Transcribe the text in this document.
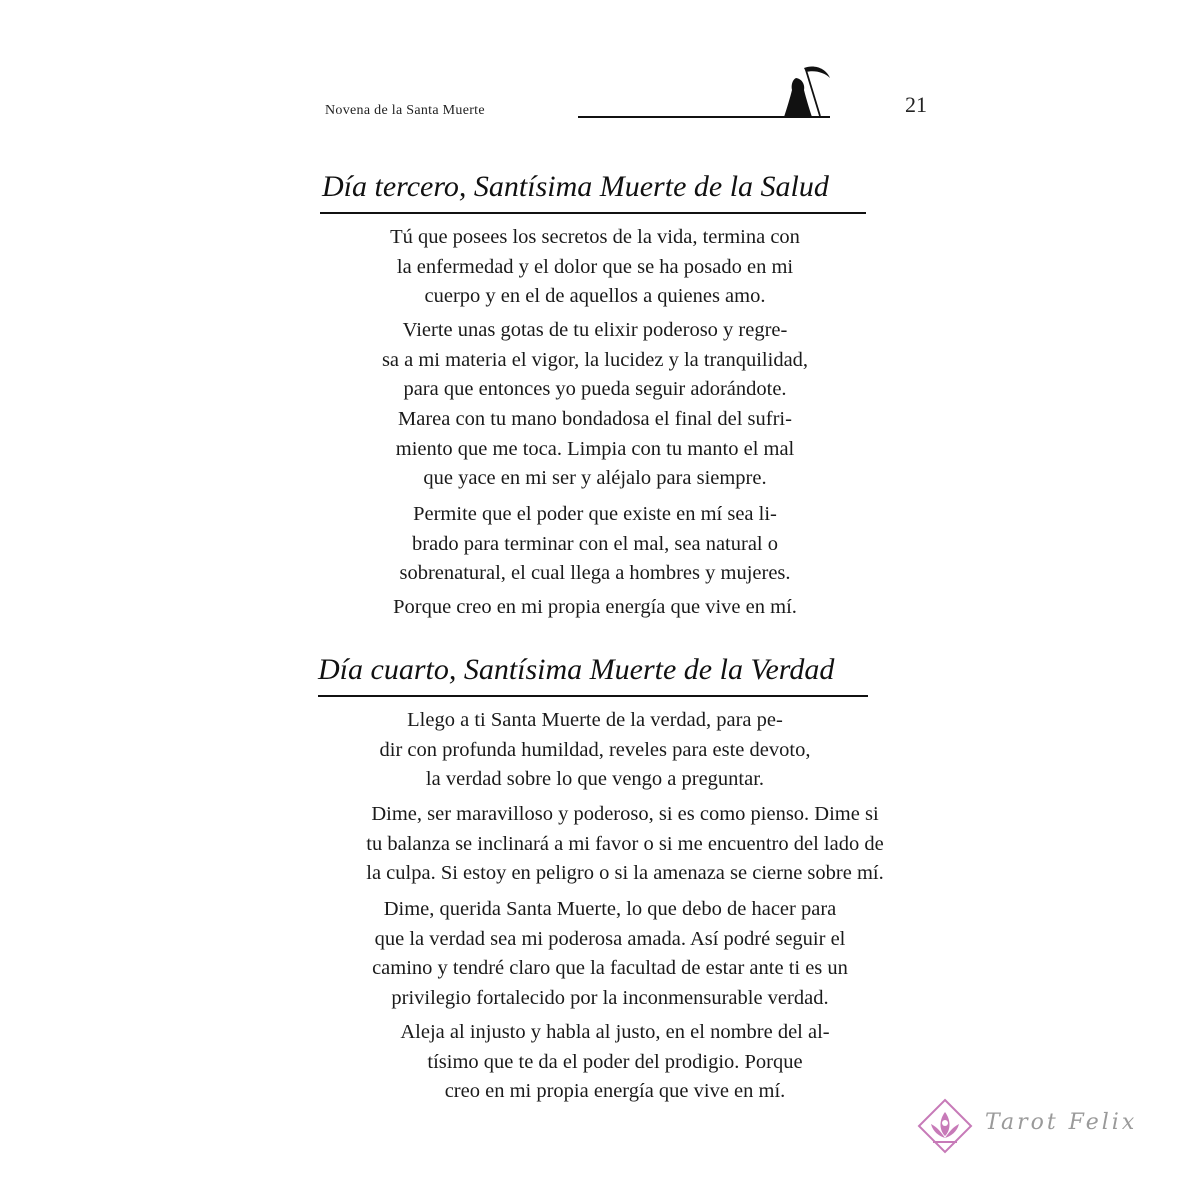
Novena de la Santa Muerte	21
Día tercero, Santísima Muerte de la Salud
Tú que posees los secretos de la vida, termina con
la enfermedad y el dolor que se ha posado en mi
cuerpo y en el de aquellos a quienes amo.
Vierte unas gotas de tu elixir poderoso y regre-
sa a mi materia el vigor, la lucidez y la tranquilidad,
para que entonces yo pueda seguir adorándote.
Marea con tu mano bondadosa el final del sufri-
miento que me toca. Limpia con tu manto el mal
que yace en mi ser y aléjalo para siempre.
Permite que el poder que existe en mí sea li-
brado para terminar con el mal, sea natural o
sobrenatural, el cual llega a hombres y mujeres.
Porque creo en mi propia energía que vive en mí.
Día cuarto, Santísima Muerte de la Verdad
Llego a ti Santa Muerte de la verdad, para pe-
dir con profunda humildad, reveles para este devoto,
la verdad sobre lo que vengo a preguntar.
Dime, ser maravilloso y poderoso, si es como pienso. Dime si
tu balanza se inclinará a mi favor o si me encuentro del lado de
la culpa. Si estoy en peligro o si la amenaza se cierne sobre mí.
Dime, querida Santa Muerte, lo que debo de hacer para
que la verdad sea mi poderosa amada. Así podré seguir el
camino y tendré claro que la facultad de estar ante ti es un
privilegio fortalecido por la inconmensurable verdad.
Aleja al injusto y habla al justo, en el nombre del al-
tísimo que te da el poder del prodigio. Porque
creo en mi propia energía que vive en mí.
Tarot Felix
